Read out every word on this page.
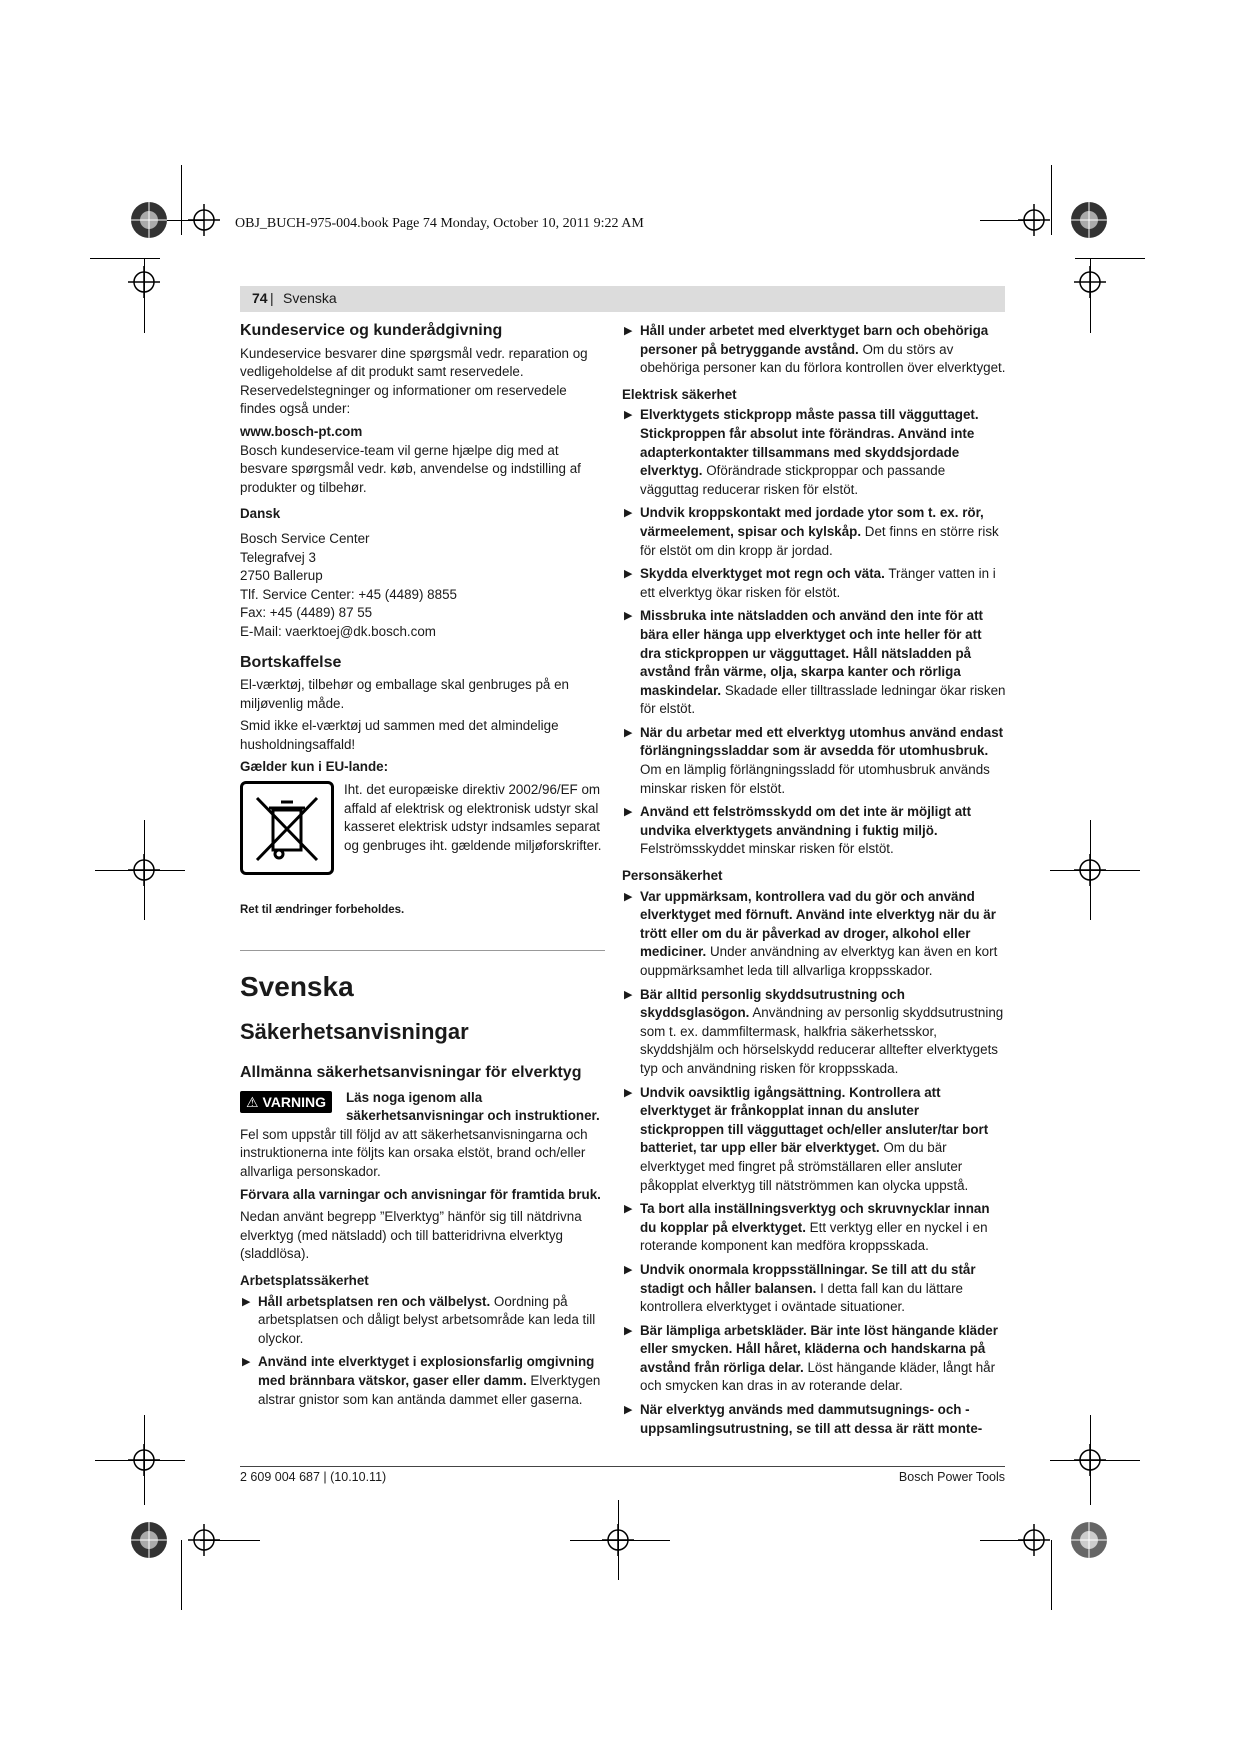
OBJ_BUCH-975-004.book Page 74 Monday, October 10, 2011 9:22 AM
74 | Svenska
Kundeservice og kunderådgivning

Kundeservice besvarer dine spørgsmål vedr. reparation og vedligeholdelse af dit produkt samt reservedele. Reservedelstegninger og informationer om reservedele findes også under:

www.bosch-pt.com

Bosch kundeservice-team vil gerne hjælpe dig med at besvare spørgsmål vedr. køb, anvendelse og indstilling af produkter og tilbehør.

Dansk
Bosch Service Center
Telegrafvej 3
2750 Ballerup
Tlf. Service Center: +45 (4489) 8855
Fax: +45 (4489) 87 55
E-Mail: vaerktoej@dk.bosch.com
Bortskaffelse

El-værktøj, tilbehør og emballage skal genbruges på en miljøvenlig måde.

Smid ikke el-værktøj ud sammen med det almindelige husholdningsaffald!

Gælder kun i EU-lande:
Iht. det europæiske direktiv 2002/96/EF om affald af elektrisk og elektronisk udstyr skal kasseret elektrisk udstyr indsamles separat og genbruges iht. gældende miljøforskrifter.
Ret til ændringer forbeholdes.
Svenska
Säkerhetsanvisningar
Allmänna säkerhetsanvisningar för elverktyg

⚠ VARNING	Läs noga igenom alla säkerhetsanvisningar och instruktioner. Fel som uppstår till följd av att säkerhetsanvisningarna och instruktionerna inte följts kan orsaka elstöt, brand och/eller allvarliga personskador.

Förvara alla varningar och anvisningar för framtida bruk.

Nedan använt begrepp ”Elverktyg” hänför sig till nätdrivna elverktyg (med nätsladd) och till batteridrivna elverktyg (sladdlösa).

Arbetsplatssäkerhet
▶ Håll arbetsplatsen ren och välbelyst. Oordning på arbetsplatsen och dåligt belyst arbetsområde kan leda till olyckor.
▶ Använd inte elverktyget i explosionsfarlig omgivning med brännbara vätskor, gaser eller damm. Elverktygen alstrar gnistor som kan antända dammet eller gaserna.
▶ Håll under arbetet med elverktyget barn och obehöriga personer på betryggande avstånd. Om du störs av obehöriga personer kan du förlora kontrollen över elverktyget.
Elektrisk säkerhet
▶ Elverktygets stickpropp måste passa till vägguttaget. Stickproppen får absolut inte förändras. Använd inte adapterkontakter tillsammans med skyddsjordade elverktyg. Oförändrade stickproppar och passande vägguttag reducerar risken för elstöt.
▶ Undvik kroppskontakt med jordade ytor som t. ex. rör, värmeelement, spisar och kylskåp. Det finns en större risk för elstöt om din kropp är jordad.
▶ Skydda elverktyget mot regn och väta. Tränger vatten in i ett elverktyg ökar risken för elstöt.
▶ Missbruka inte nätsladden och använd den inte för att bära eller hänga upp elverktyget och inte heller för att dra stickproppen ur vägguttaget. Håll nätsladden på avstånd från värme, olja, skarpa kanter och rörliga maskindelar. Skadade eller tilltrasslade ledningar ökar risken för elstöt.
▶ När du arbetar med ett elverktyg utomhus använd endast förlängningssladdar som är avsedda för utomhusbruk. Om en lämplig förlängningssladd för utomhusbruk används minskar risken för elstöt.
▶ Använd ett felströmsskydd om det inte är möjligt att undvika elverktygets användning i fuktig miljö. Felströmsskyddet minskar risken för elstöt.
Personsäkerhet
▶ Var uppmärksam, kontrollera vad du gör och använd elverktyget med förnuft. Använd inte elverktyg när du är trött eller om du är påverkad av droger, alkohol eller mediciner. Under användning av elverktyg kan även en kort ouppmärksamhet leda till allvarliga kroppsskador.
▶ Bär alltid personlig skyddsutrustning och skyddsglasögon. Användning av personlig skyddsutrustning som t. ex. dammfiltermask, halkfria säkerhetsskor, skyddshjälm och hörselskydd reducerar alltefter elverktygets typ och användning risken för kroppsskada.
▶ Undvik oavsiktlig igångsättning. Kontrollera att elverktyget är frånkopplat innan du ansluter stickproppen till vägguttaget och/eller ansluter/tar bort batteriet, tar upp eller bär elverktyget. Om du bär elverktyget med fingret på strömställaren eller ansluter påkopplat elverktyg till nätströmmen kan olycka uppstå.
▶ Ta bort alla inställningsverktyg och skruvnycklar innan du kopplar på elverktyget. Ett verktyg eller en nyckel i en roterande komponent kan medföra kroppsskada.
▶ Undvik onormala kroppsställningar. Se till att du står stadigt och håller balansen. I detta fall kan du lättare kontrollera elverktyget i oväntade situationer.
▶ Bär lämpliga arbetskläder. Bär inte löst hängande kläder eller smycken. Håll håret, kläderna och handskarna på avstånd från rörliga delar. Löst hängande kläder, långt hår och smycken kan dras in av roterande delar.
▶ När elverktyg används med dammutsugnings- och -uppsamlingsutrustning, se till att dessa är rätt monte-
2 609 004 687 | (10.10.11)	Bosch Power Tools
